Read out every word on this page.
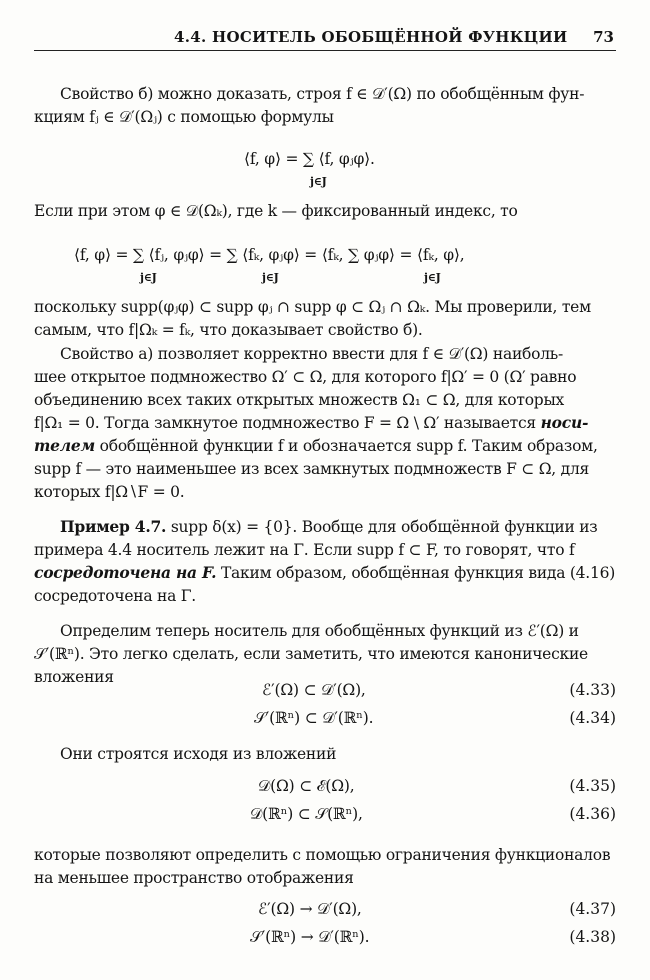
4.4. НОСИТЕЛЬ ОБОБЩЁННОЙ ФУНКЦИИ 73
Свойство б) можно доказать, строя f ∈ 𝒟′(Ω) по обобщённым фун-
кциям fⱼ ∈ 𝒟′(Ωⱼ) с помощью формулы
⟨f, φ⟩ = ∑ ⟨f, φⱼφ⟩.
j∈J
Если при этом φ ∈ 𝒟(Ωₖ), где k — фиксированный индекс, то
⟨f, φ⟩ = ∑ ⟨fⱼ, φⱼφ⟩ = ∑ ⟨fₖ, φⱼφ⟩ = ⟨fₖ, ∑ φⱼφ⟩ = ⟨fₖ, φ⟩,
j∈J	j∈J	j∈J
поскольку supp(φⱼφ) ⊂ supp φⱼ ∩ supp φ ⊂ Ωⱼ ∩ Ωₖ. Мы проверили, тем
самым, что f|Ωₖ = fₖ, что доказывает свойство б).
Свойство а) позволяет корректно ввести для f ∈ 𝒟′(Ω) наиболь-
шее открытое подмножество Ω′ ⊂ Ω, для которого f|Ω′ = 0 (Ω′ равно
объединению всех таких открытых множеств Ω₁ ⊂ Ω, для которых
f|Ω₁ = 0. Тогда замкнутое подмножество F = Ω \ Ω′ называется носи-
телем обобщённой функции f и обозначается supp f. Таким образом,
supp f — это наименьшее из всех замкнутых подмножеств F ⊂ Ω, для
которых f|Ω∖F = 0.
Пример 4.7. supp δ(x) = {0}. Вообще для обобщённой функции из
примера 4.4 носитель лежит на Γ. Если supp f ⊂ F, то говорят, что f
сосредоточена на F. Таким образом, обобщённая функция вида (4.16)
сосредоточена на Γ.
Определим теперь носитель для обобщённых функций из ℰ′(Ω) и
𝒮′(ℝⁿ). Это легко сделать, если заметить, что имеются канонические
вложения
ℰ′(Ω) ⊂ 𝒟′(Ω),	(4.33)
𝒮′(ℝⁿ) ⊂ 𝒟′(ℝⁿ).	(4.34)
Они строятся исходя из вложений
𝒟(Ω) ⊂ ℰ(Ω),	(4.35)
𝒟(ℝⁿ) ⊂ 𝒮(ℝⁿ),	(4.36)
которые позволяют определить с помощью ограничения функционалов
на меньшее пространство отображения
ℰ′(Ω) → 𝒟′(Ω),	(4.37)
𝒮′(ℝⁿ) → 𝒟′(ℝⁿ).	(4.38)
